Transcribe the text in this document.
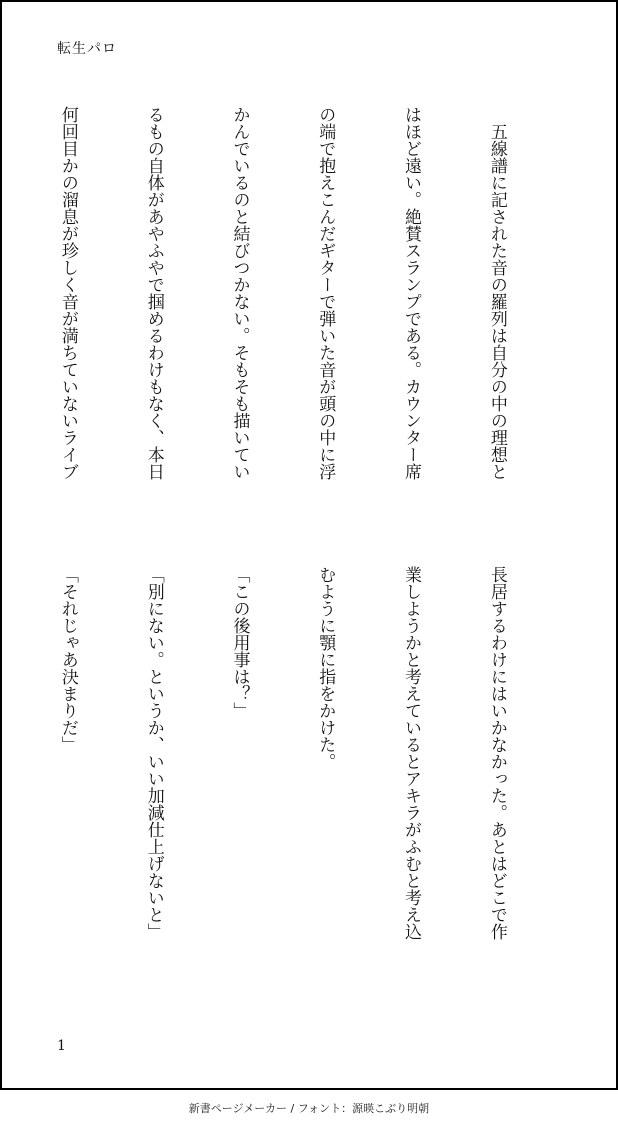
転生パロ

　五線譜に記された音の羅列は自分の中の理想と

はほど遠い。絶賛スランプである。カウンター席

の端で抱えこんだギターで弾いた音が頭の中に浮

かんでいるのと結びつかない。そもそも描いてい

るもの自体があやふやで掴めるわけもなく、本日

何回目かの溜息が珍しく音が満ちていないライブ

長居するわけにはいかなかった。あとはどこで作

業しようかと考えているとアキラがふむと考え込

むように顎に指をかけた。

「この後用事は？」

「別にない。というか、いい加減仕上げないと」

「それじゃあ決まりだ」

1
新書ページメーカー / フォント：源暎こぶり明朝
